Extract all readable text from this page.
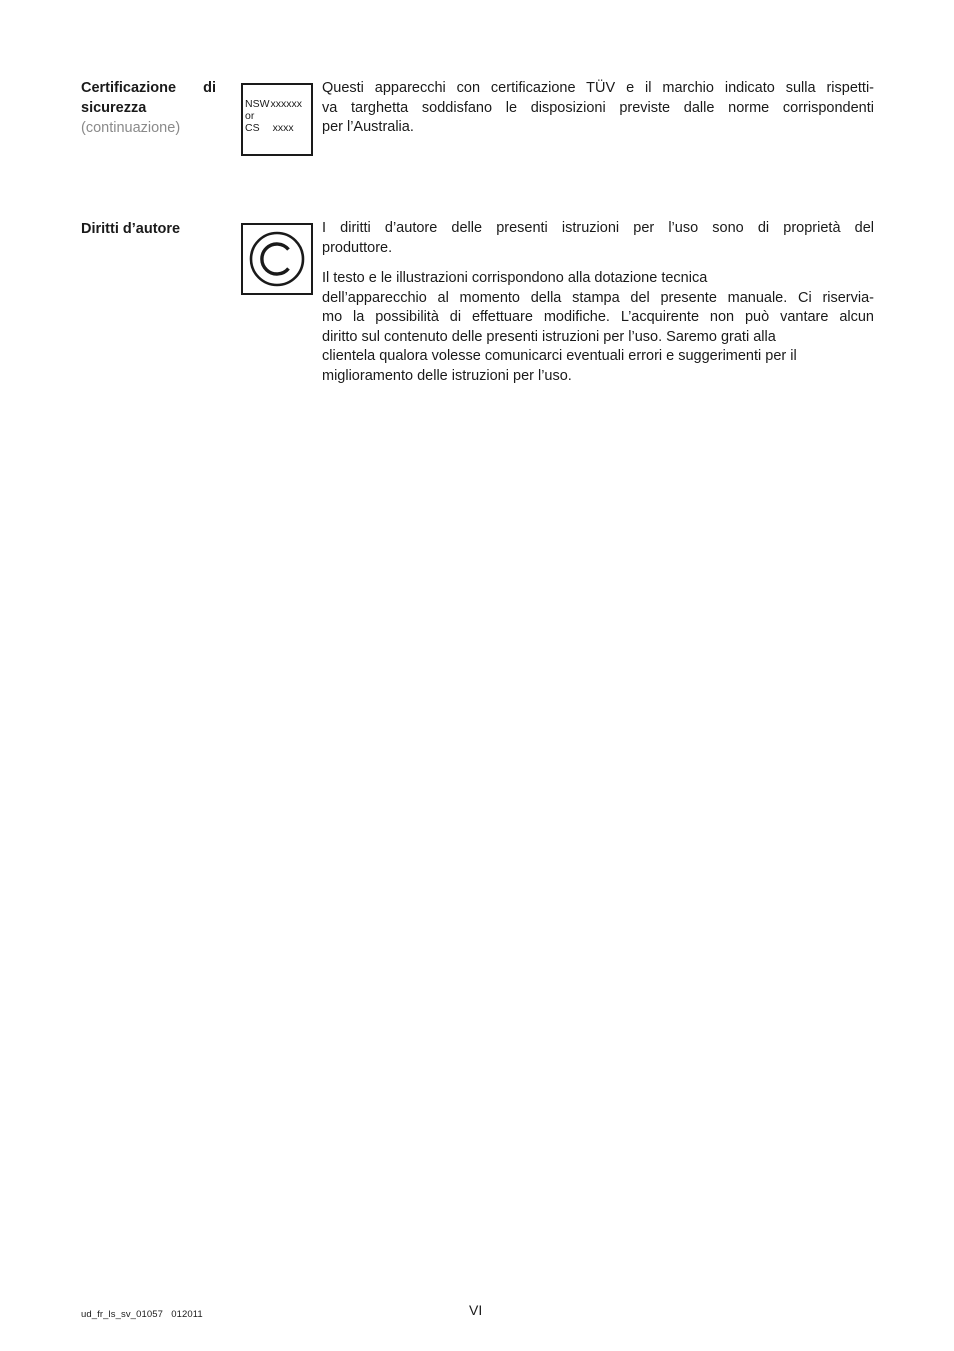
Certificazione di
sicurezza
(continuazione)
NSW xxxxxx
or
CS xxxx

Questi apparecchi con certificazione TÜV e il marchio indicato sulla rispetti-
va targhetta soddisfano le disposizioni previste dalle norme corrispondenti
per l’Australia.

Diritti d’autore	I diritti d’autore delle presenti istruzioni per l’uso sono di proprietà del
produttore.

Il testo e le illustrazioni corrispondono alla dotazione tecnica
dell’apparecchio al momento della stampa del presente manuale. Ci riservia-
mo la possibilità di effettuare modifiche. L’acquirente non può vantare alcun
diritto sul contenuto delle presenti istruzioni per l’uso. Saremo grati alla
clientela qualora volesse comunicarci eventuali errori e suggerimenti per il
miglioramento delle istruzioni per l’uso.

ud_fr_ls_sv_01057   012011	VI
